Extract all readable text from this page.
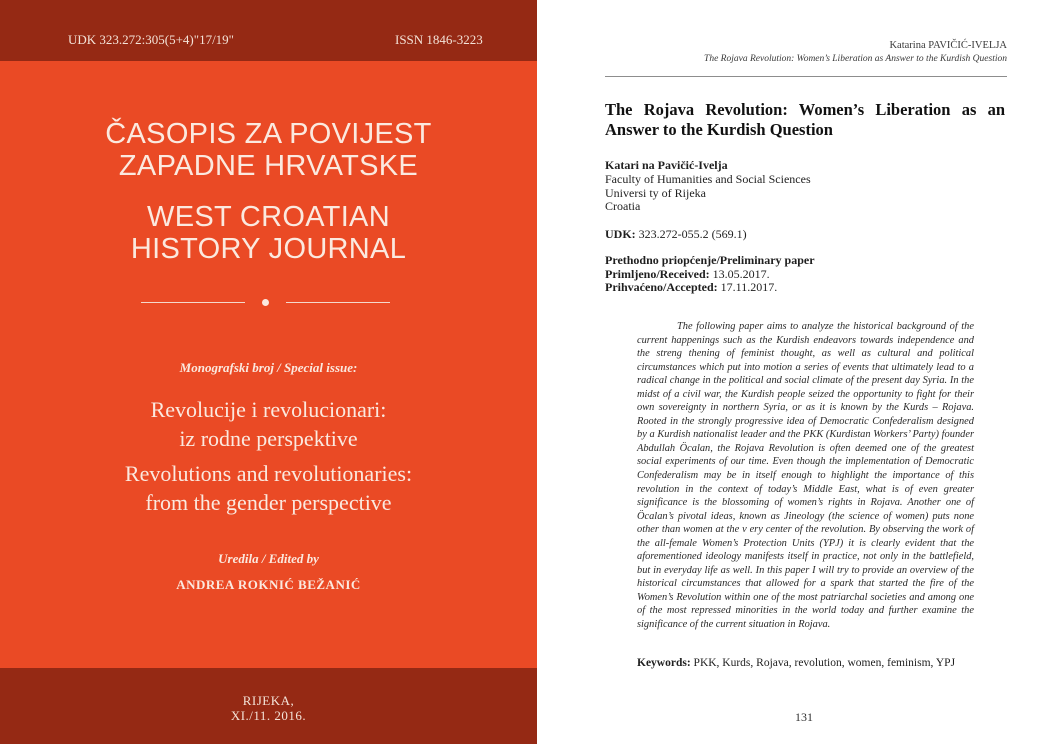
UDK 323.272:305(5+4)"17/19"	ISSN 1846-3223
ČASOPIS ZA POVIJEST
ZAPADNE HRVATSKE
WEST CROATIAN
HISTORY JOURNAL
Monografski broj / Special issue:
Revolucije i revolucionari:
iz rodne perspektive
Revolutions and revolutionaries:
from the gender perspective
Uredila / Edited by
ANDREA ROKNIĆ BEŽANIĆ
RIJEKA,
XI./11. 2016.
Katarina PAVIČIĆ-IVELJA
The Rojava Revolution: Women’s Liberation as Answer to the Kurdish Question
The Rojava Revolution: Women’s Liberation as an Answer to the Kurdish Question
Katari na Pavičić-Ivelja
Faculty of Humanities and Social Sciences
Universi ty of Rijeka
Croatia
UDK: 323.272-055.2 (569.1)
Prethodno priopćenje/Preliminary paper
Primljeno/Received: 13.05.2017.
Prihvaćeno/Accepted: 17.11.2017.

The following paper aims to analyze the historical background of the current happenings such as the Kurdish endeavors towards independence and the streng thening of feminist thought, as well as cultural and political circumstances which put into motion a series of events that ultimately lead to a radical change in the political and social climate of the present day Syria. In the midst of a civil war, the Kurdish people seized the opportunity to fight for their own sovereignty in northern Syria, or as it is known by the Kurds – Rojava. Rooted in the strongly progressive idea of Democratic Confederalism designed by a Kurdish nationalist leader and the PKK (Kurdistan Workers’ Party) founder Abdullah Öcalan, the Rojava Revolution is often deemed one of the greatest social experiments of our time. Even though the implementation of Democratic Confederalism may be in itself enough to highlight the importance of this revolution in the context of today’s Middle East, what is of even greater significance is the blossoming of women’s rights in Rojava. Another one of Öcalan’s pivotal ideas, known as Jineology (the science of women) puts none other than women at the v ery center of the revolution. By observing the work of the all-female Women’s Protection Units (YPJ) it is clearly evident that the aforementioned ideology manifests itself in practice, not only in the battlefield, but in everyday life as well. In this paper I will try to provide an overview of the historical circumstances that allowed for a spark that started the fire of the Women’s Revolution within one of the most patriarchal societies and among one of the most repressed minorities in the world today and further examine the significance of the current situation in Rojava.

Keywords: PKK, Kurds, Rojava, revolution, women, feminism, YPJ
131
